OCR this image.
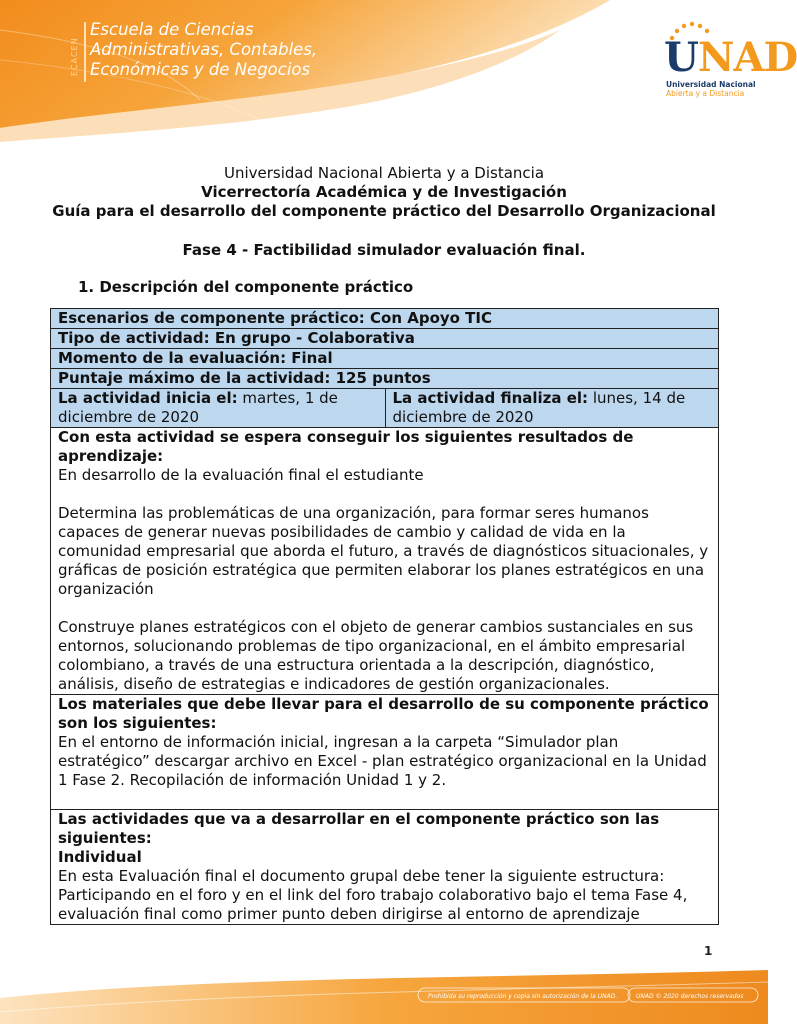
ECACEN
Escuela de Ciencias
Administrativas, Contables,
Económicas y de Negocios	UNAD
Universidad Nacional
Abierta y a Distancia
Universidad Nacional Abierta y a Distancia
Vicerrectoría Académica y de Investigación
Guía para el desarrollo del componente práctico del Desarrollo Organizacional
Fase 4 - Factibilidad simulador evaluación final.
1. Descripción del componente práctico
Escenarios de componente práctico: Con Apoyo TIC
Tipo de actividad: En grupo - Colaborativa
Momento de la evaluación: Final
Puntaje máximo de la actividad: 125 puntos
La actividad inicia el: martes, 1 de diciembre de 2020
La actividad finaliza el: lunes, 14 de diciembre de 2020
Con esta actividad se espera conseguir los siguientes resultados de aprendizaje:
En desarrollo de la evaluación final el estudiante
Determina las problemáticas de una organización, para formar seres humanos capaces de generar nuevas posibilidades de cambio y calidad de vida en la comunidad empresarial que aborda el futuro, a través de diagnósticos situacionales, y gráficas de posición estratégica que permiten elaborar los planes estratégicos en una organización
Construye planes estratégicos con el objeto de generar cambios sustanciales en sus entornos, solucionando problemas de tipo organizacional, en el ámbito empresarial colombiano, a través de una estructura orientada a la descripción, diagnóstico, análisis, diseño de estrategias e indicadores de gestión organizacionales.
Los materiales que debe llevar para el desarrollo de su componente práctico son los siguientes:
En el entorno de información inicial, ingresan a la carpeta “Simulador plan estratégico” descargar archivo en Excel - plan estratégico organizacional en la Unidad 1 Fase 2. Recopilación de información Unidad 1 y 2.
Las actividades que va a desarrollar en el componente práctico son las siguientes:
Individual
En esta Evaluación final el documento grupal debe tener la siguiente estructura: Participando en el foro y en el link del foro trabajo colaborativo bajo el tema Fase 4, evaluación final como primer punto deben dirigirse al entorno de aprendizaje
1
Prohibida su reproducción y copia sin autorización de la UNAD.	UNAD © 2020 derechos reservados
